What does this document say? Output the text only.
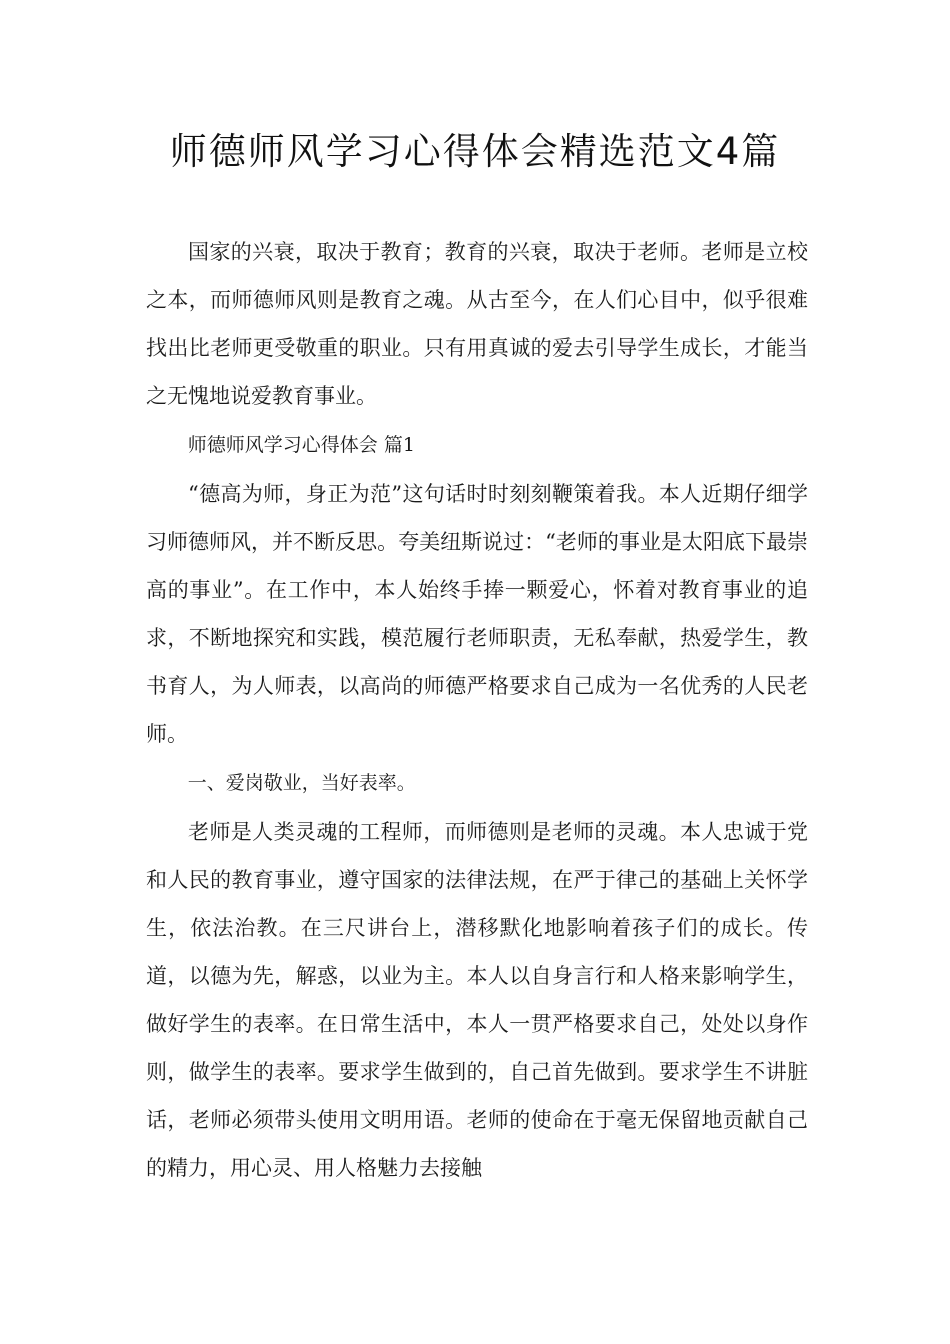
师德师风学习心得体会精选范文4篇

国家的兴衰，取决于教育；教育的兴衰，取决于老师。老师是立校之本，而师德师风则是教育之魂。从古至今，在人们心目中，似乎很难找出比老师更受敬重的职业。只有用真诚的爱去引导学生成长，才能当之无愧地说爱教育事业。

师德师风学习心得体会 篇1

“德高为师，身正为范”这句话时时刻刻鞭策着我。本人近期仔细学习师德师风，并不断反思。夸美纽斯说过：“老师的事业是太阳底下最崇高的事业”。在工作中，本人始终手捧一颗爱心，怀着对教育事业的追求，不断地探究和实践，模范履行老师职责，无私奉献，热爱学生，教书育人，为人师表，以高尚的师德严格要求自己成为一名优秀的人民老师。

一、爱岗敬业，当好表率。

老师是人类灵魂的工程师，而师德则是老师的灵魂。本人忠诚于党和人民的教育事业，遵守国家的法律法规，在严于律己的基础上关怀学生，依法治教。在三尺讲台上，潜移默化地影响着孩子们的成长。传道，以德为先，解惑，以业为主。本人以自身言行和人格来影响学生，做好学生的表率。在日常生活中，本人一贯严格要求自己，处处以身作则，做学生的表率。要求学生做到的，自己首先做到。要求学生不讲脏话，老师必须带头使用文明用语。老师的使命在于毫无保留地贡献自己的精力，用心灵、用人格魅力去接触
